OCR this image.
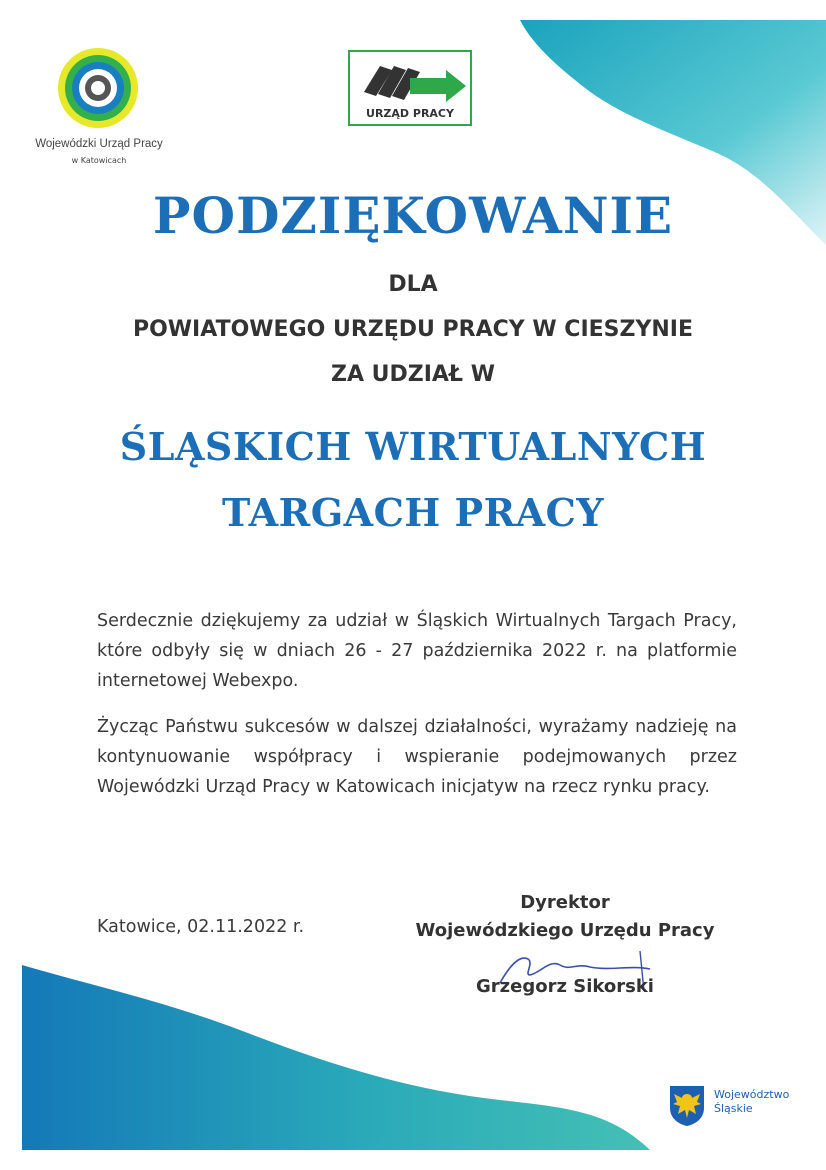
Wojewódzki Urząd Pracy
w Katowicach
URZĄD PRACY
PODZIĘKOWANIE
DLA
POWIATOWEGO URZĘDU PRACY W CIESZYNIE
ZA UDZIAŁ W
ŚLĄSKICH WIRTUALNYCH
TARGACH PRACY
Serdecznie dziękujemy za udział w Śląskich Wirtualnych Targach Pracy, które odbyły się w dniach 26 - 27 października 2022 r. na platformie internetowej Webexpo.
Życząc Państwu sukcesów w dalszej działalności, wyrażamy nadzieję na kontynuowanie współpracy i wspieranie podejmowanych przez Wojewódzki Urząd Pracy w Katowicach inicjatyw na rzecz rynku pracy.
Katowice, 02.11.2022 r.
Dyrektor
Wojewódzkiego Urzędu Pracy
Grzegorz Sikorski
Województwo
Śląskie
